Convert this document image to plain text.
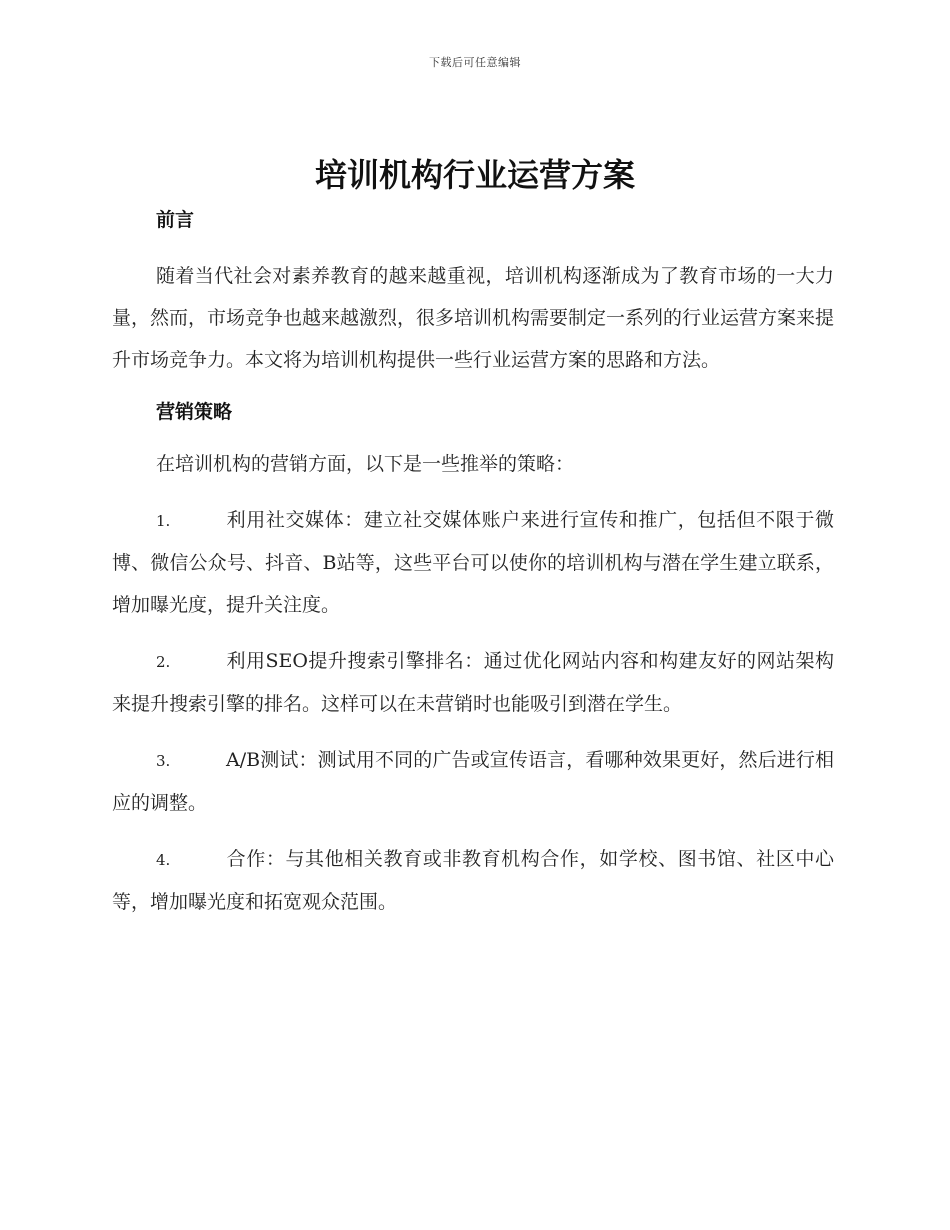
下载后可任意编辑
培训机构行业运营方案
前言

随着当代社会对素养教育的越来越重视，培训机构逐渐成为了教育市场的一大力量，然而，市场竞争也越来越激烈，很多培训机构需要制定一系列的行业运营方案来提升市场竞争力。本文将为培训机构提供一些行业运营方案的思路和方法。

营销策略

在培训机构的营销方面，以下是一些推举的策略：

1.	利用社交媒体：建立社交媒体账户来进行宣传和推广，包括但不限于微博、微信公众号、抖音、B站等，这些平台可以使你的培训机构与潜在学生建立联系，增加曝光度，提升关注度。

2.	利用SEO提升搜索引擎排名：通过优化网站内容和构建友好的网站架构来提升搜索引擎的排名。这样可以在未营销时也能吸引到潜在学生。

3.	A/B测试：测试用不同的广告或宣传语言，看哪种效果更好，然后进行相应的调整。

4.	合作：与其他相关教育或非教育机构合作，如学校、图书馆、社区中心等，增加曝光度和拓宽观众范围。
